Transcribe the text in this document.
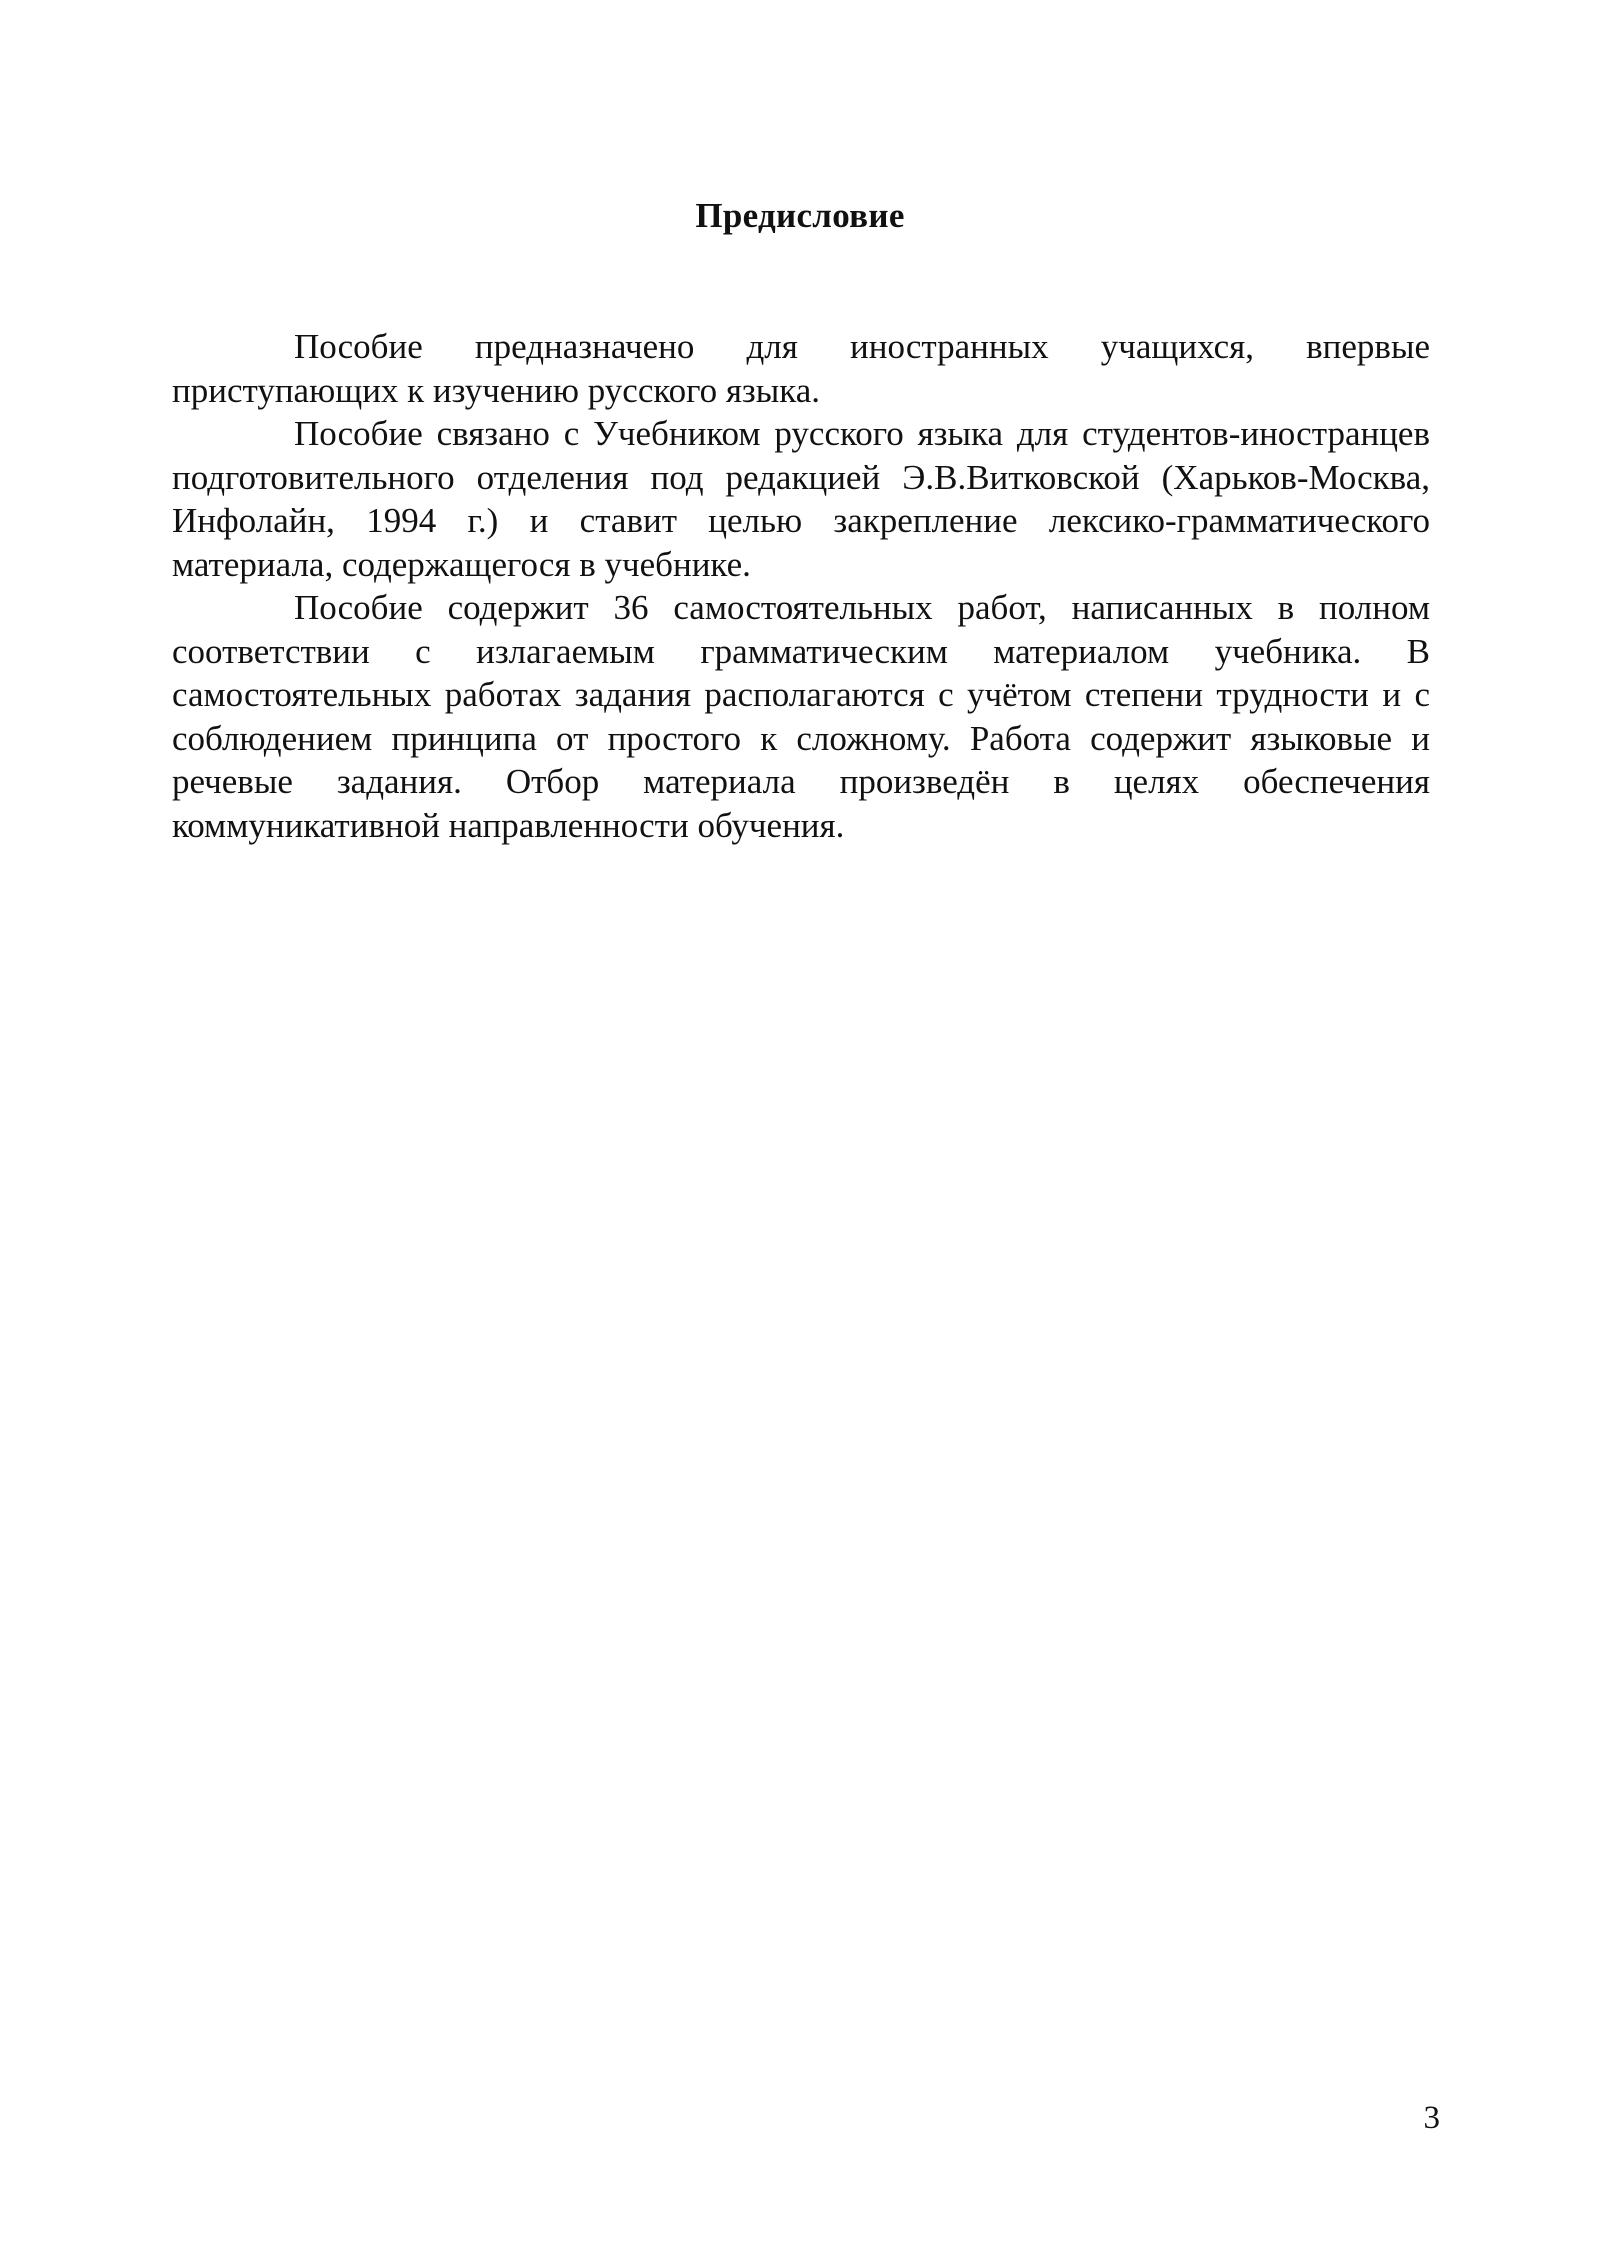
Предисловие

Пособие предназначено для иностранных учащихся, впервые приступающих к изучению русского языка.

Пособие связано с Учебником русского языка для студентов-иностранцев подготовительного отделения под редакцией Э.В.Витковской (Харьков-Москва, Инфолайн, 1994 г.) и ставит целью закрепление лексико-грамматического материала, содержащегося в учебнике.

Пособие содержит 36 самостоятельных работ, написанных в полном соответствии с излагаемым грамматическим материалом учебника. В самостоятельных работах задания располагаются с учётом степени трудности и с соблюдением принципа от простого к сложному. Работа содержит языковые и речевые задания. Отбор материала произведён в целях обеспечения коммуникативной направленности обучения.

3
